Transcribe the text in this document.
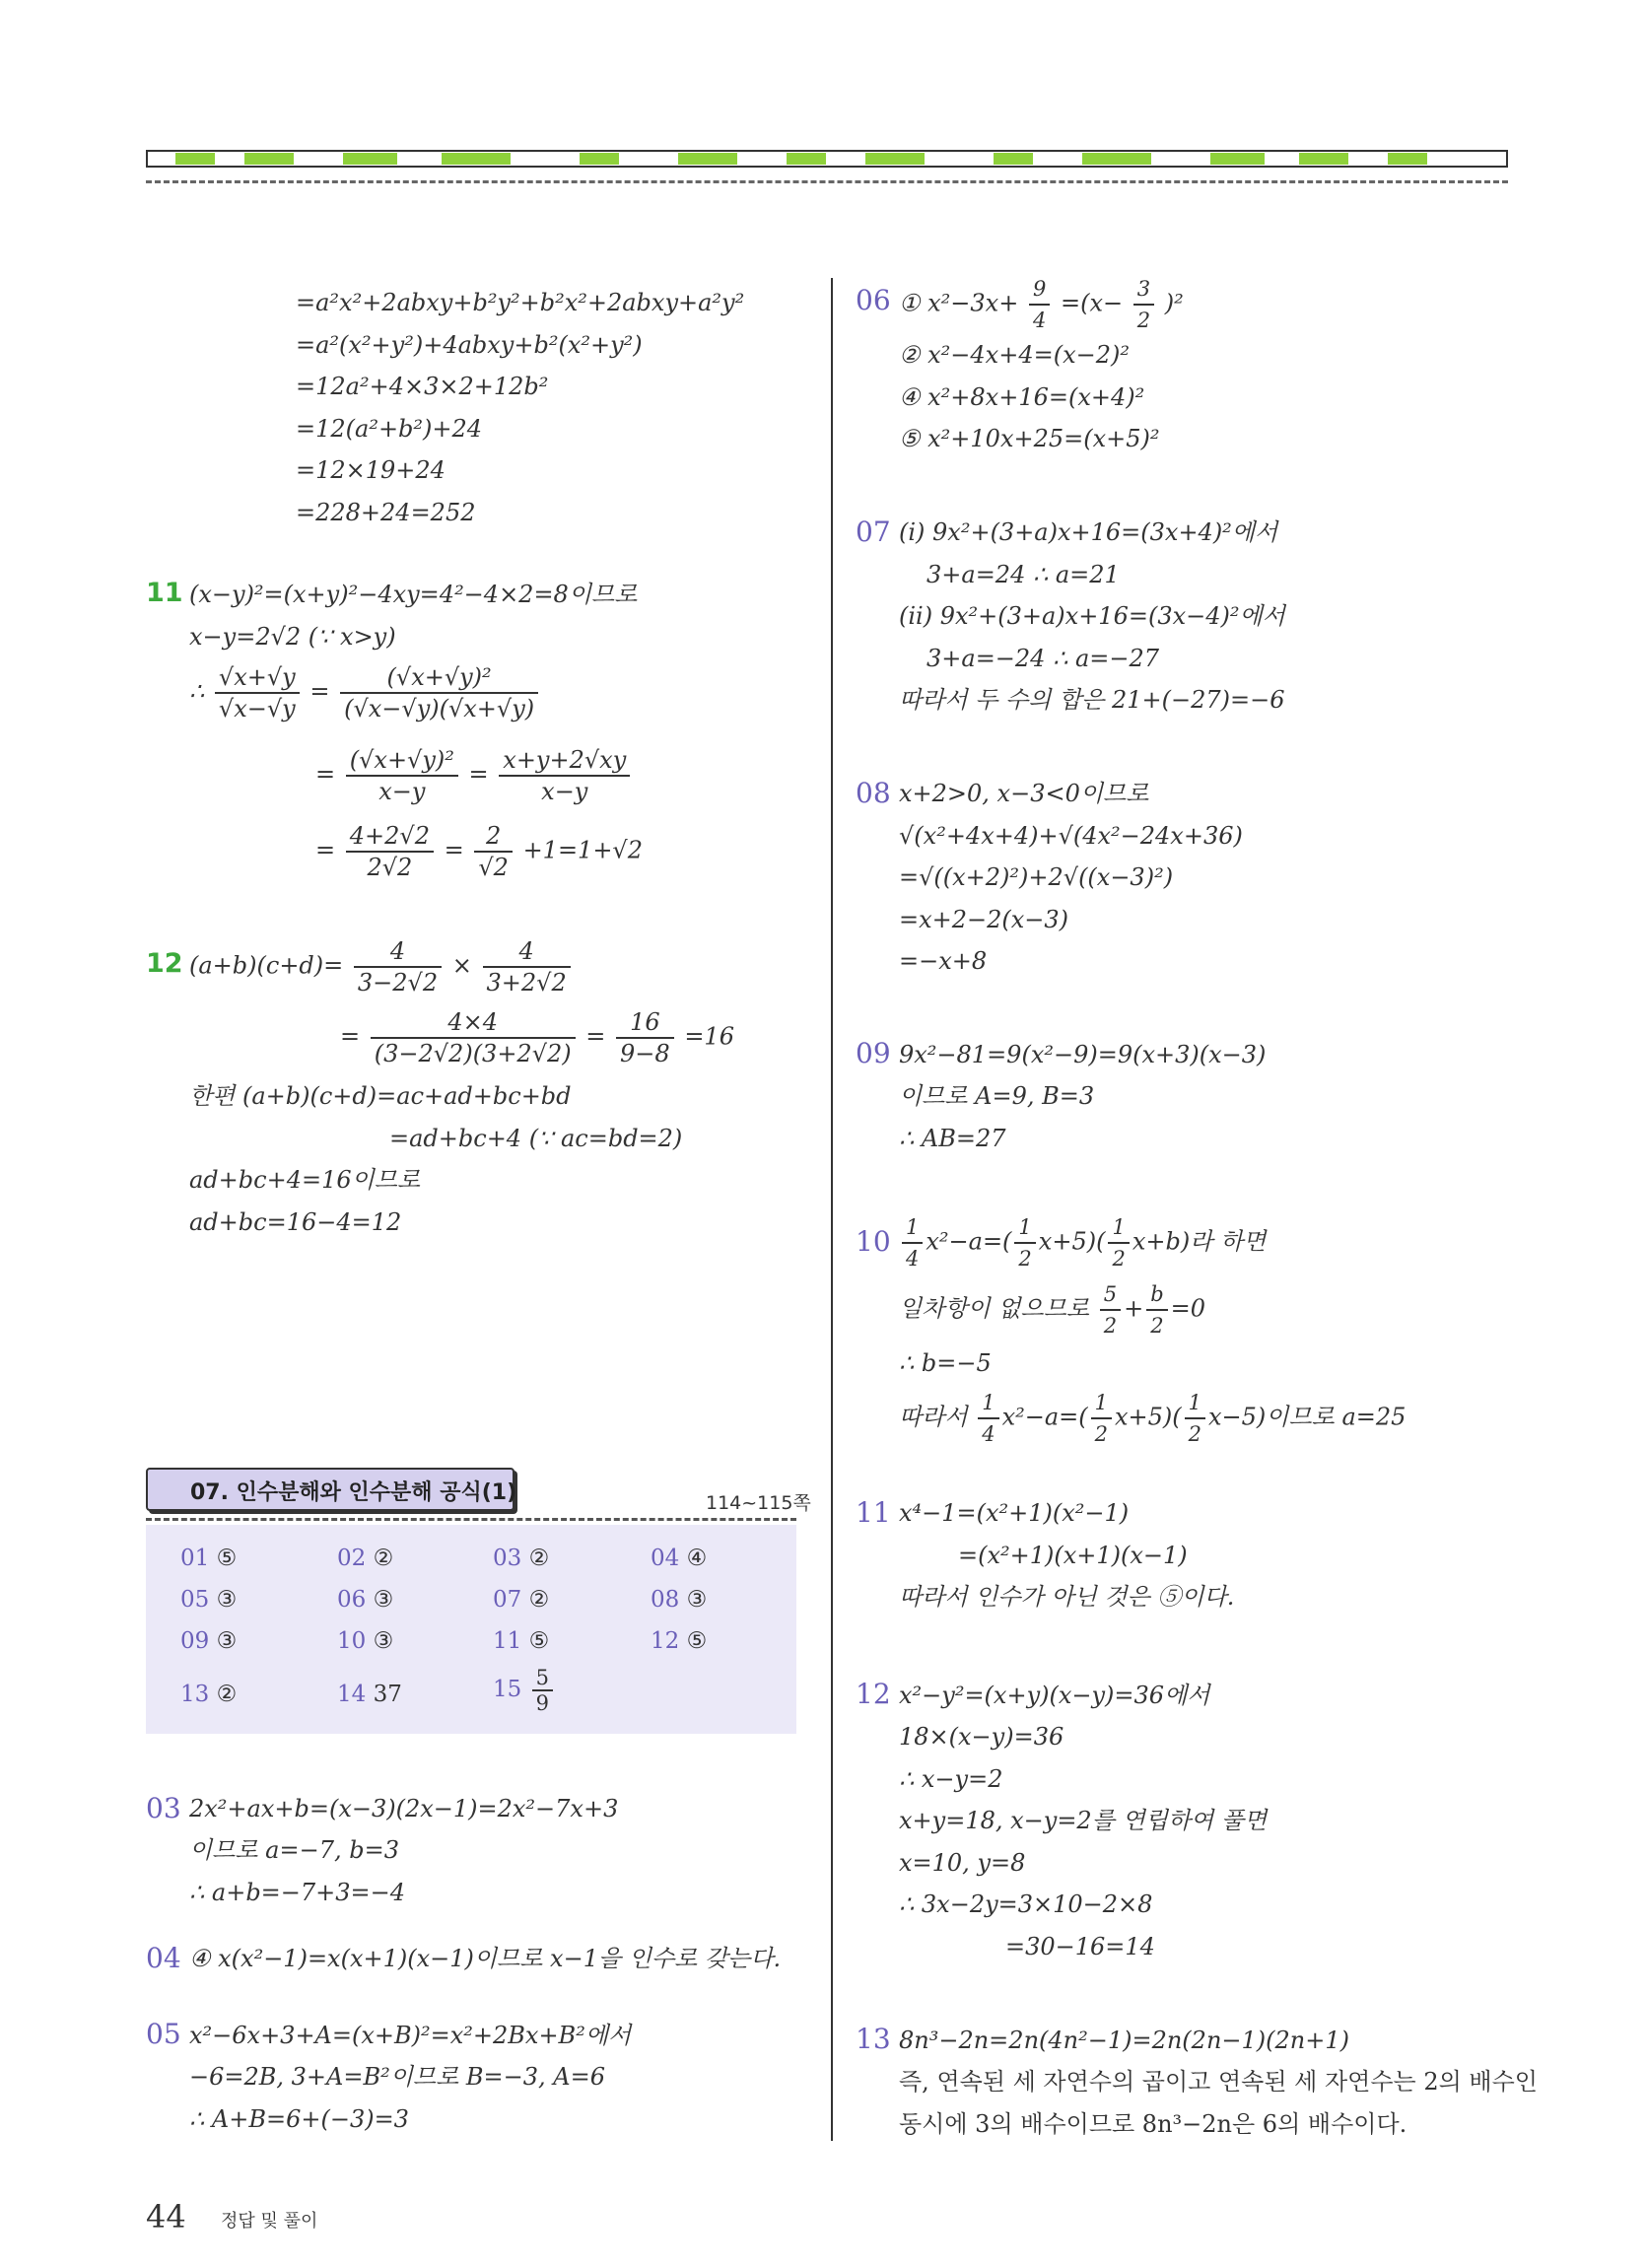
=a²x²+2abxy+b²y²+b²x²+2abxy+a²y²
=a²(x²+y²)+4abxy+b²(x²+y²)
=12a²+4×3×2+12b²
=12(a²+b²)+24
=12×19+24
=228+24=252
11 (x−y)²=(x+y)²−4xy=4²−4×2=8이므로
x−y=2√2 (∵ x>y)
∴ $\frac{√x+√y}{√x-√y} = \frac{\text{(√x+√y)²}}{(√x-√y)(√x+√y)}$
= $\frac{\text{(√x+√y)²}}{x-y} = \frac{x+y+2√xy}{x-y}$
= $\frac{4+2√2}{2√2} = \frac{2}{√2} +1=1+√2$
12 $(a+b)(c+d)= \frac{4}{3-2√2} \times \frac{4}{3+2√2}$
= $\frac{4\times 4}{(3-2√2)(3+2√2)} = \frac{16}{9-8} =16$
한편 (a+b)(c+d)=ac+ad+bc+bd
=ad+bc+4 (∵ ac=bd=2)
ad+bc+4=16이므로
ad+bc=16−4=12
07. 인수분해와 인수분해 공식(1)	114~115쪽
01 ⑤	02 ②	03 ②	04 ④
05 ③	06 ③	07 ②	08 ③
09 ③	10 ③	11 ⑤	12 ⑤
13 ②	14 37	$15 \frac{5}{9}$
03 2x²+ax+b=(x−3)(2x−1)=2x²−7x+3
이므로 a=−7, b=3
∴ a+b=−7+3=−4
04 ④ x(x²−1)=x(x+1)(x−1)이므로 x−1을 인수로 갖는다.
05 x²−6x+3+A=(x+B)²=x²+2Bx+B²에서
−6=2B, 3+A=B²이므로 B=−3, A=6
∴ A+B=6+(−3)=3
06 ① $x^2-3x+ \frac{9}{4} =(x- \frac{3}{2} )^2$
② x²−4x+4=(x−2)²
④ x²+8x+16=(x+4)²
⑤ x²+10x+25=(x+5)²
07 (i) 9x²+(3+a)x+16=(3x+4)²에서
3+a=24 ∴ a=21
(ii) 9x²+(3+a)x+16=(3x−4)²에서
3+a=−24 ∴ a=−27
따라서 두 수의 합은 21+(−27)=−6
08 x+2>0, x−3<0이므로
√(x²+4x+4)+√(4x²−24x+36)
=√((x+2)²)+2√((x−3)²)
=x+2−2(x−3)
=−x+8
09 9x²−81=9(x²−9)=9(x+3)(x−3)
이므로 A=9, B=3
∴ AB=27
$10 \frac{1}{4} x^2-a=( \frac{1}{2} x+5)( \frac{1}{2} x+b)$라 하면
일차항이 없으므로 $\frac{5}{2} + \frac{b}{2} =0$
∴ b=−5
따라서 $\frac{1}{4} x^2-a=( \frac{1}{2} x+5)( \frac{1}{2} x-5)$이므로 a=25
11 x⁴−1=(x²+1)(x²−1)
=(x²+1)(x+1)(x−1)
따라서 인수가 아닌 것은 ⑤이다.
12 x²−y²=(x+y)(x−y)=36에서
18×(x−y)=36
∴ x−y=2
x+y=18, x−y=2를 연립하여 풀면
x=10, y=8
∴ 3x−2y=3×10−2×8
=30−16=14
13 8n³−2n=2n(4n²−1)=2n(2n−1)(2n+1)
즉, 연속된 세 자연수의 곱이고 연속된 세 자연수는 2의 배수인
동시에 3의 배수이므로 8n³−2n은 6의 배수이다.
44 정답 및 풀이
